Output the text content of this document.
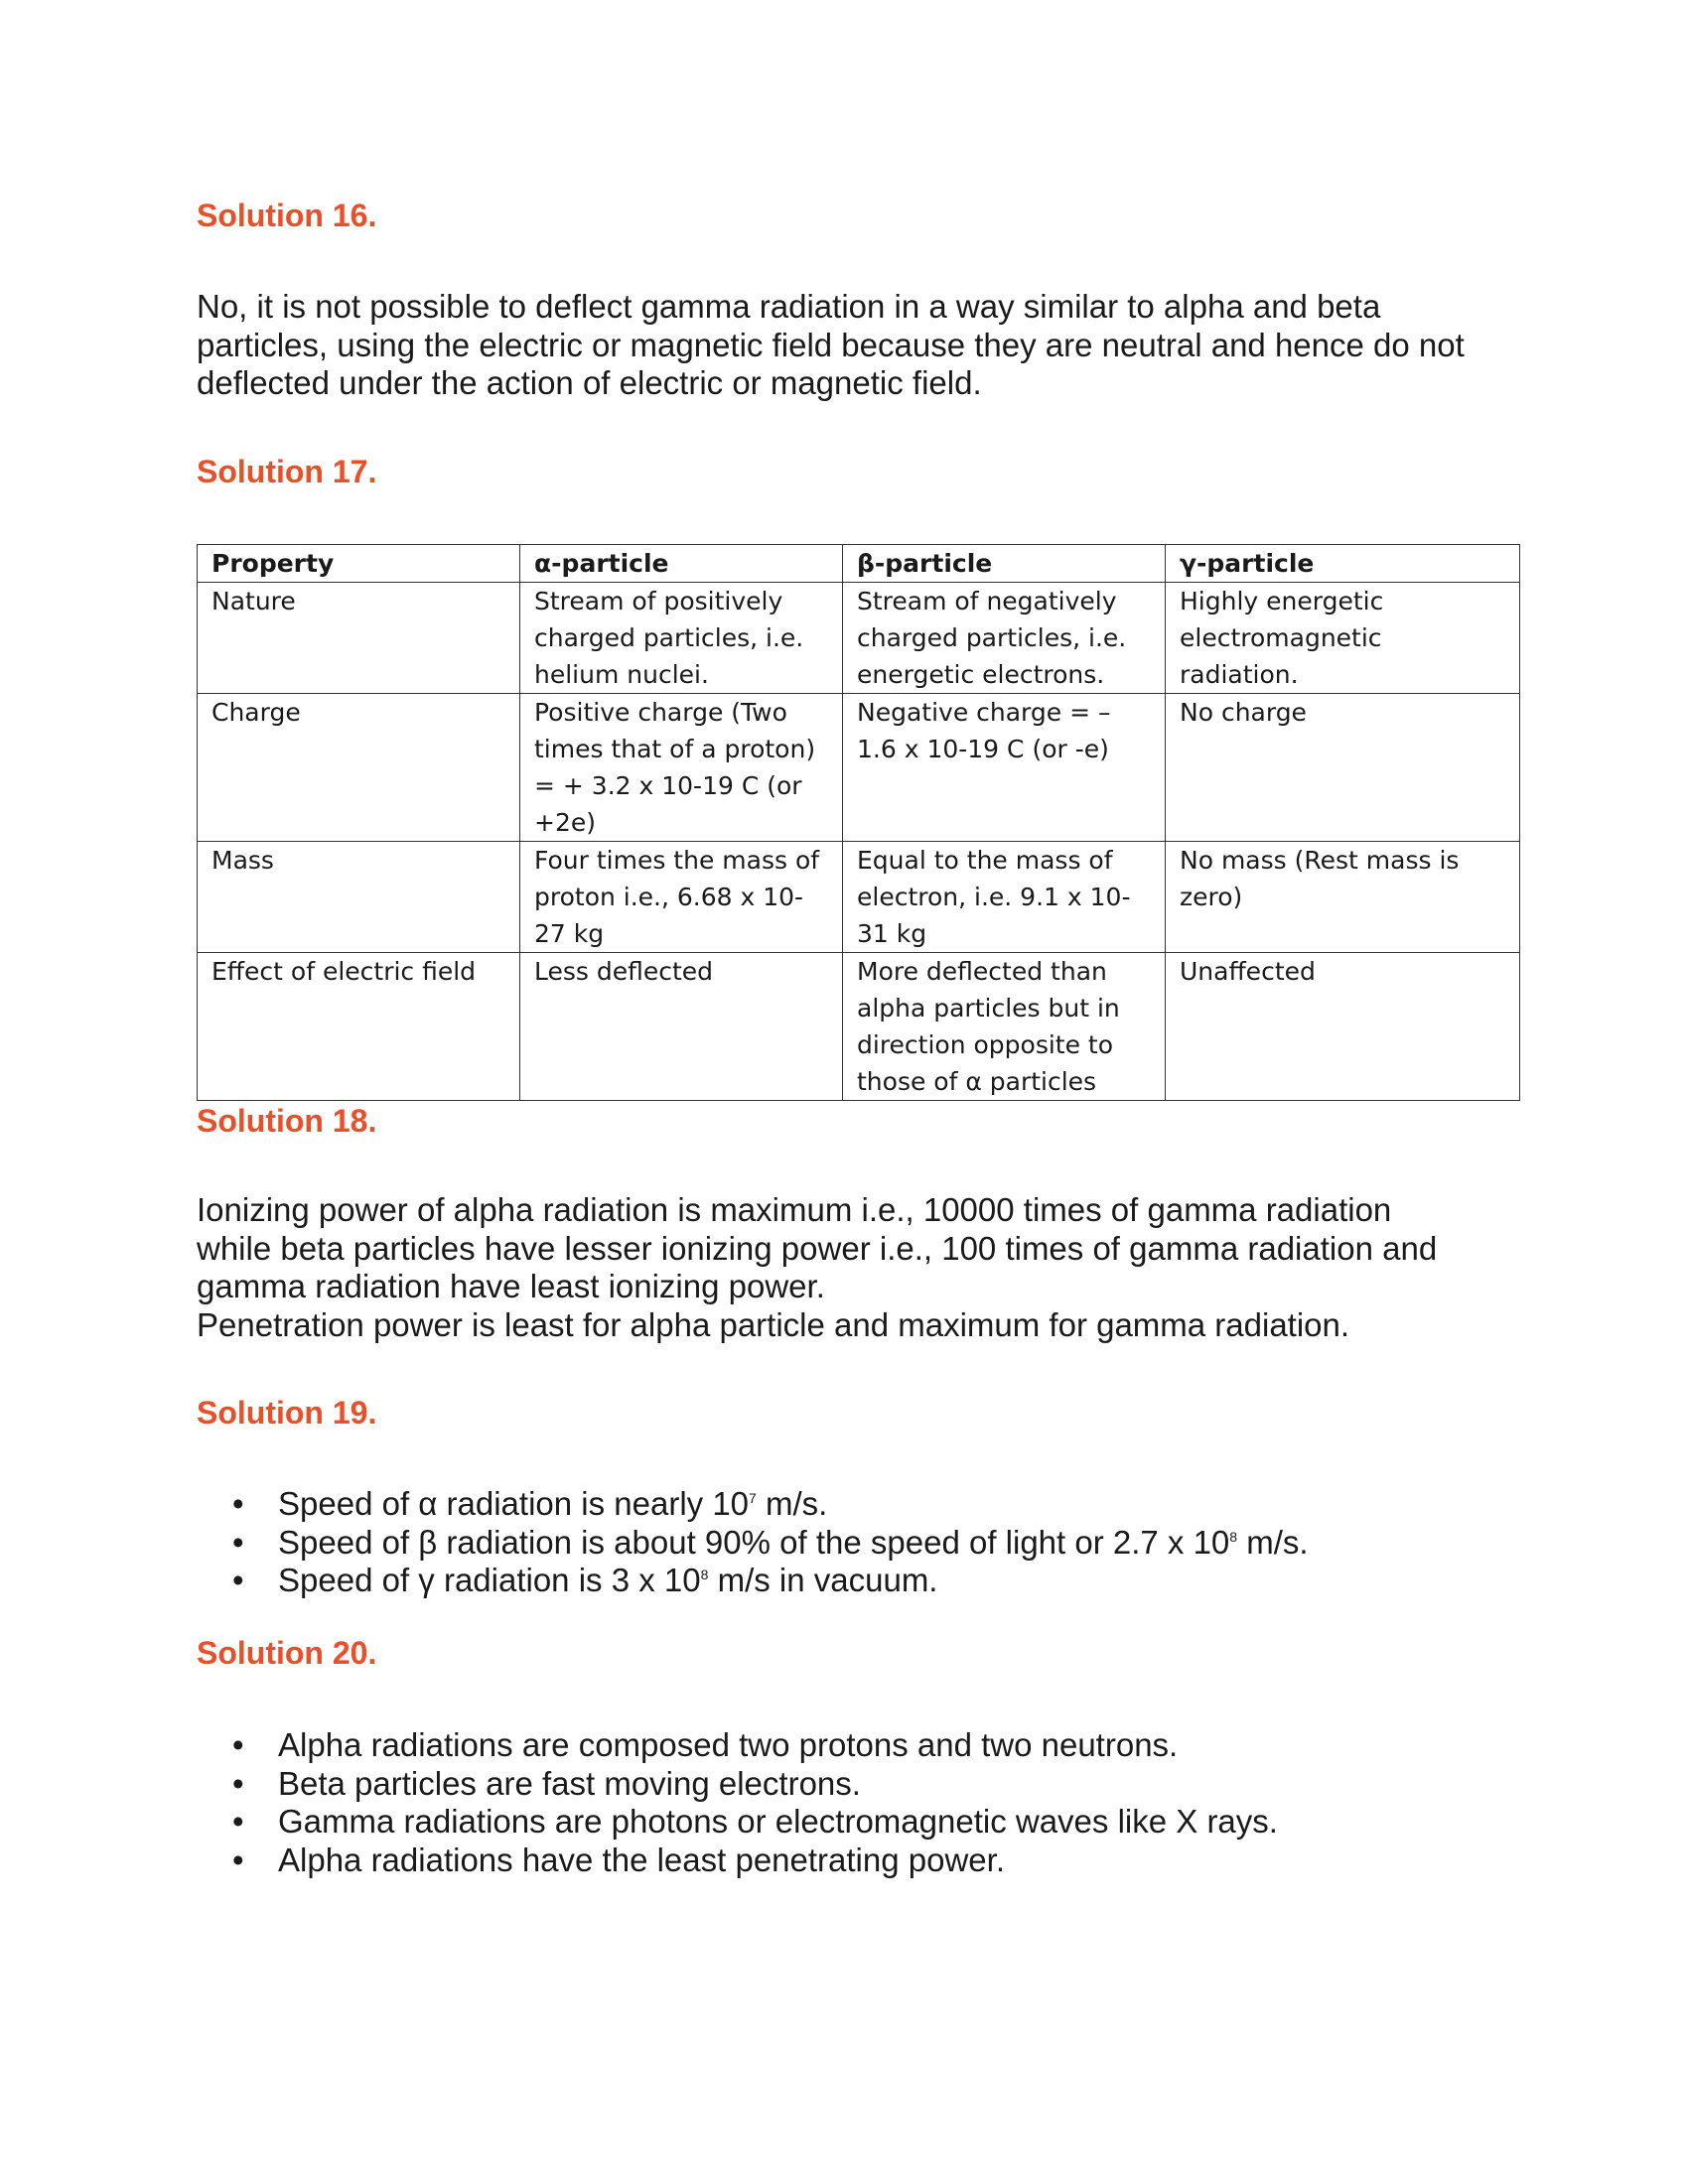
Solution 16.
No, it is not possible to deflect gamma radiation in a way similar to alpha and beta
particles, using the electric or magnetic field because they are neutral and hence do not
deflected under the action of electric or magnetic field.
Solution 17.
Property	α-particle	β-particle	γ-particle
Nature	Stream of positively charged particles, i.e. helium nuclei.	Stream of negatively charged particles, i.e. energetic electrons.	Highly energetic electromagnetic radiation.
Charge	Positive charge (Two times that of a proton) = + 3.2 x 10-19 C (or +2e)	Negative charge = – 1.6 x 10-19 C (or -e)	No charge
Mass	Four times the mass of proton i.e., 6.68 x 10-27 kg	Equal to the mass of electron, i.e. 9.1 x 10-31 kg	No mass (Rest mass is zero)
Effect of electric field	Less deflected	More deflected than alpha particles but in direction opposite to those of α particles	Unaffected
Solution 18.
Ionizing power of alpha radiation is maximum i.e., 10000 times of gamma radiation
while beta particles have lesser ionizing power i.e., 100 times of gamma radiation and
gamma radiation have least ionizing power.
Penetration power is least for alpha particle and maximum for gamma radiation.
Solution 19.
•	Speed of α radiation is nearly $10^7$ m/s.
•	Speed of β radiation is about 90% of the speed of light or 2.7 x $10^8$ m/s.
•	Speed of γ radiation is 3 x $10^8$ m/s in vacuum.
Solution 20.
•	Alpha radiations are composed two protons and two neutrons.
•	Beta particles are fast moving electrons.
•	Gamma radiations are photons or electromagnetic waves like X rays.
•	Alpha radiations have the least penetrating power.
